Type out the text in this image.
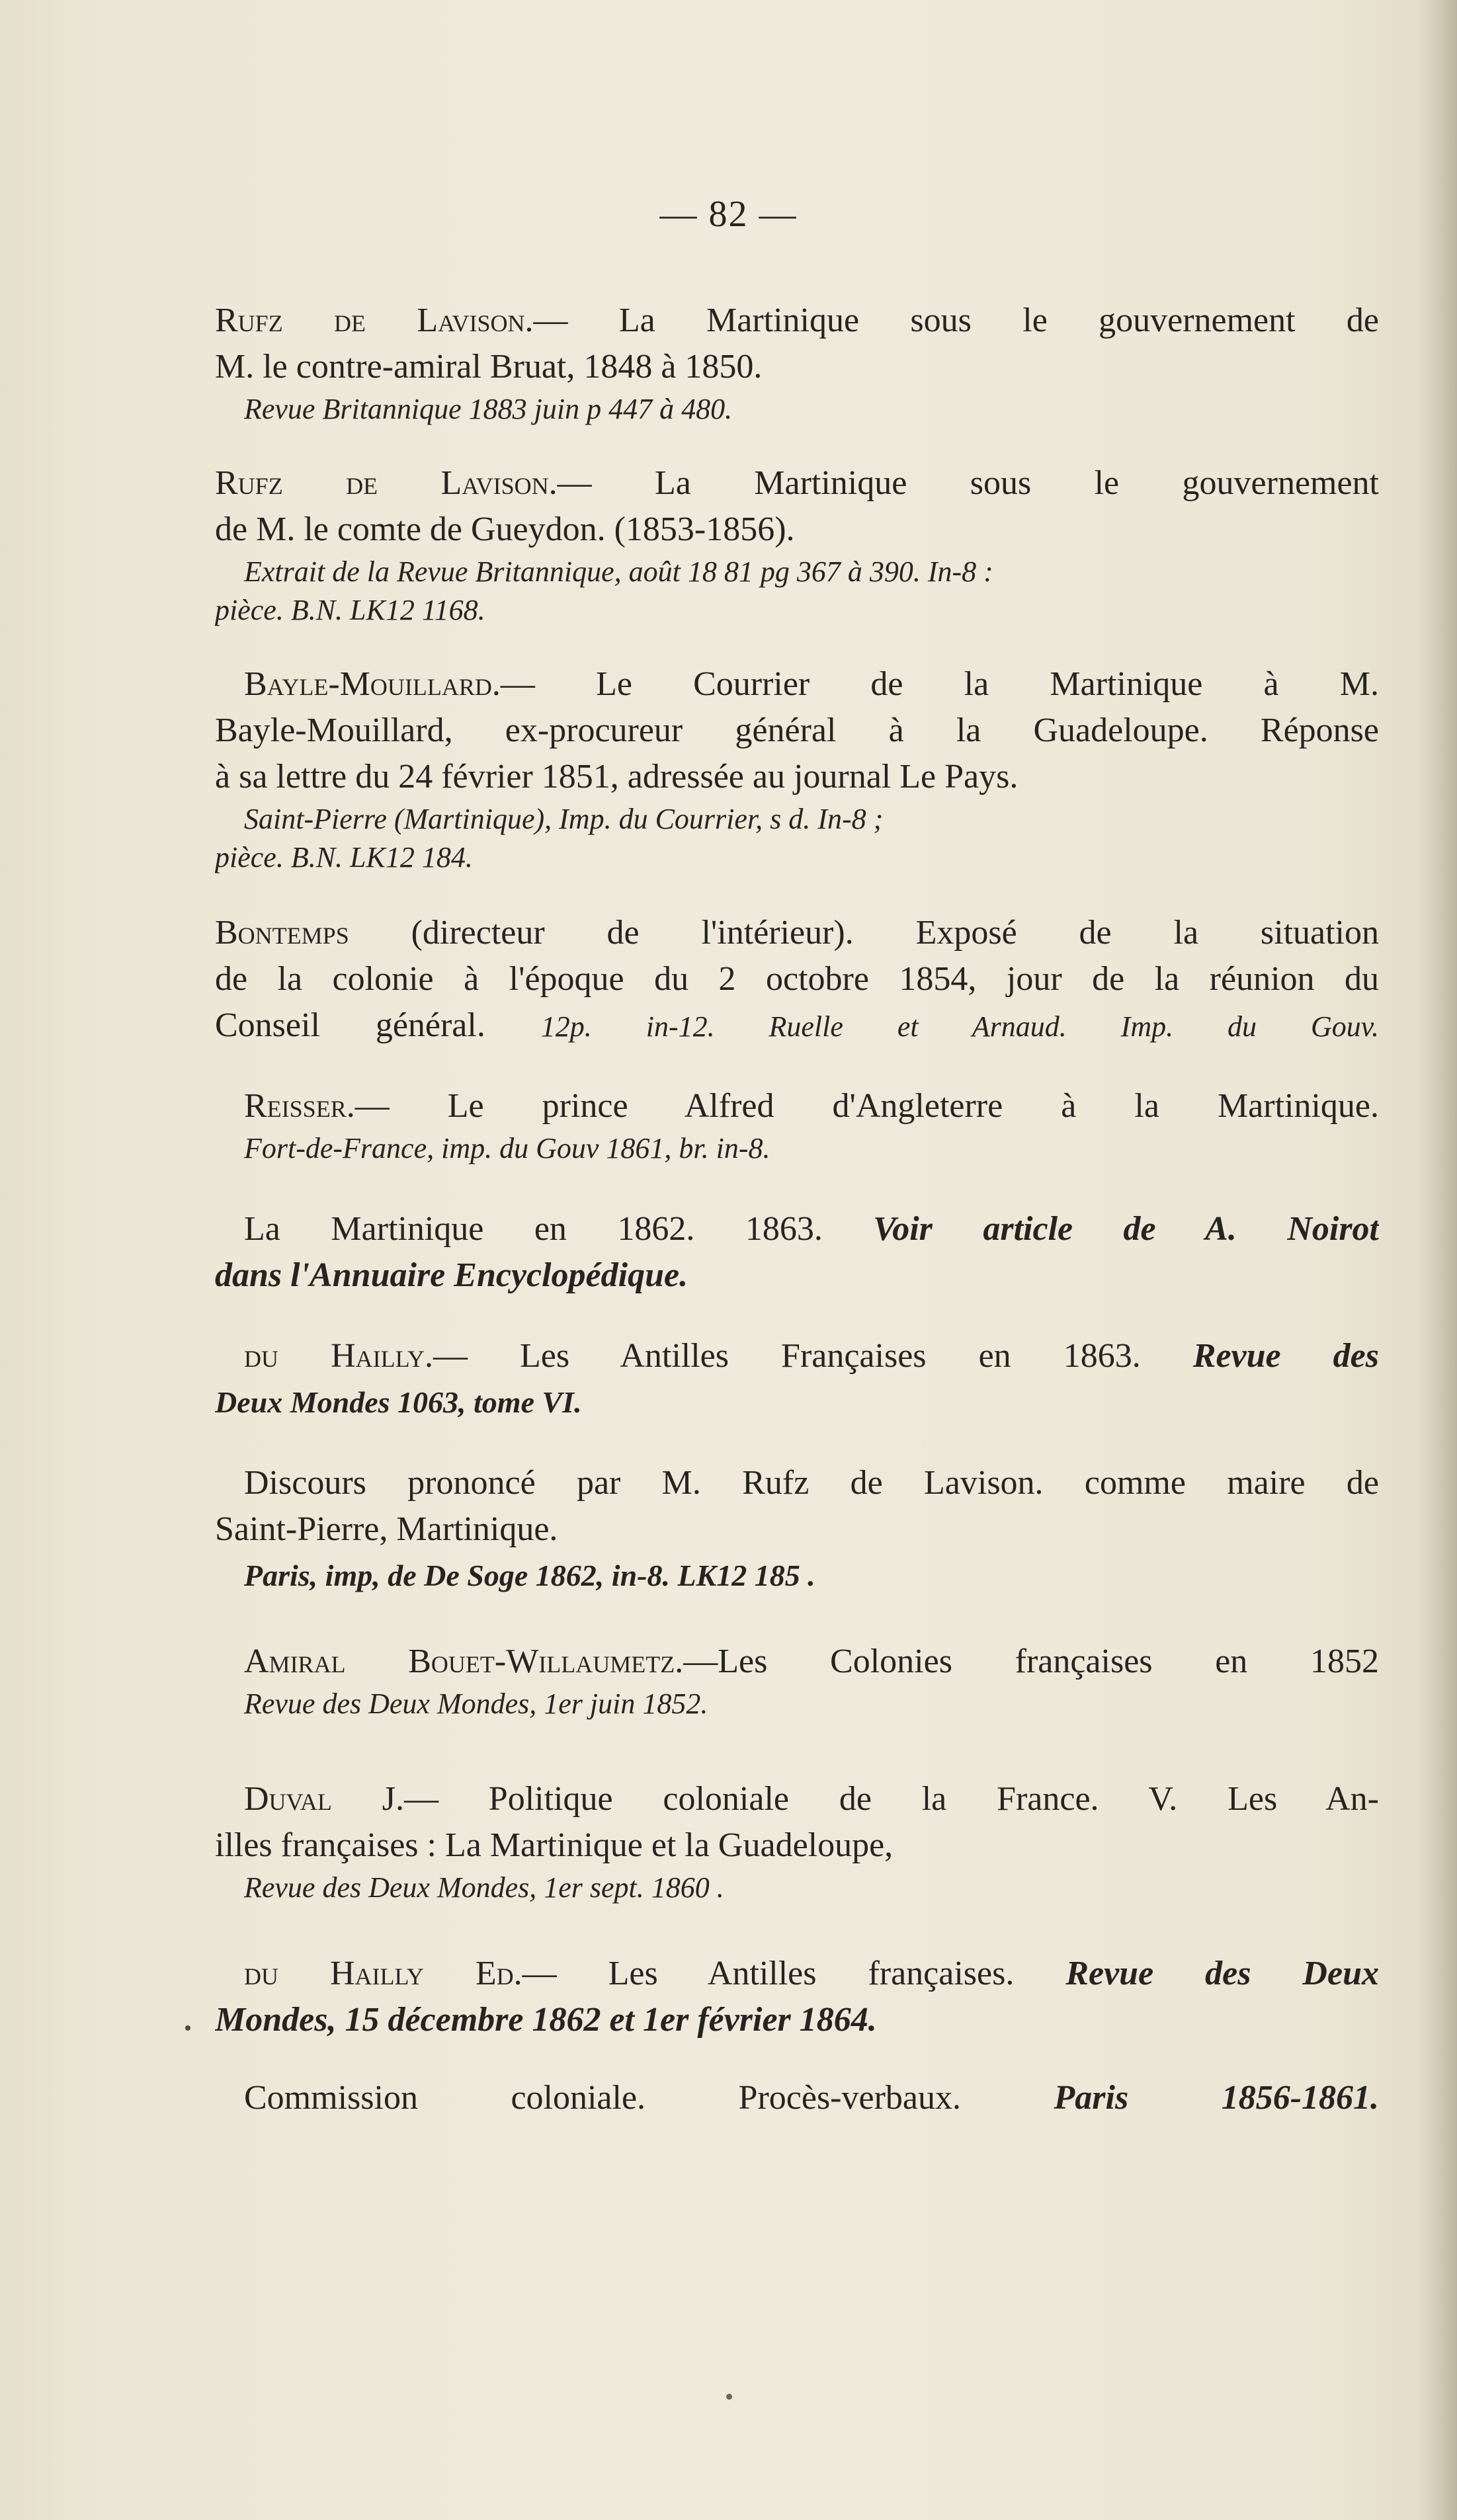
— 82 —
Rufz de Lavison.— La Martinique sous le gouvernement de
M. le contre-amiral Bruat, 1848 à 1850.
Revue Britannique 1883 juin p 447 à 480.
Rufz de Lavison.— La Martinique sous le gouvernement
de M. le comte de Gueydon. (1853-1856).
Extrait de la Revue Britannique, août 18 81 pg 367 à 390. In-8 :
pièce. B.N. LK12 1168.
Bayle-Mouillard.— Le Courrier de la Martinique à M.
Bayle-Mouillard, ex-procureur général à la Guadeloupe. Réponse
à sa lettre du 24 février 1851, adressée au journal Le Pays.
Saint-Pierre (Martinique), Imp. du Courrier, s d. In-8 ;
pièce. B.N. LK12 184.
Bontemps (directeur de l'intérieur). Exposé de la situation
de la colonie à l'époque du 2 octobre 1854, jour de la réunion du
Conseil général. 12p. in-12. Ruelle et Arnaud. Imp. du Gouv.
Reisser.— Le prince Alfred d'Angleterre à la Martinique.
Fort-de-France, imp. du Gouv 1861, br. in-8.
La Martinique en 1862. 1863. Voir article de A. Noirot
dans l'Annuaire Encyclopédique.
du Hailly.— Les Antilles Françaises en 1863. Revue des
Deux Mondes 1063, tome VI.
Discours prononcé par M. Rufz de Lavison. comme maire de
Saint-Pierre, Martinique.
Paris, imp, de De Soge 1862, in-8. LK12 185 .
Amiral Bouet-Willaumetz.—Les Colonies françaises en 1852
Revue des Deux Mondes, 1er juin 1852.
Duval J.— Politique coloniale de la France. V. Les An-
illes françaises : La Martinique et la Guadeloupe,
Revue des Deux Mondes, 1er sept. 1860 .
du Hailly Ed.— Les Antilles françaises. Revue des Deux
Mondes, 15 décembre 1862 et 1er février 1864.
Commission coloniale. Procès-verbaux.	Paris 1856-1861.
